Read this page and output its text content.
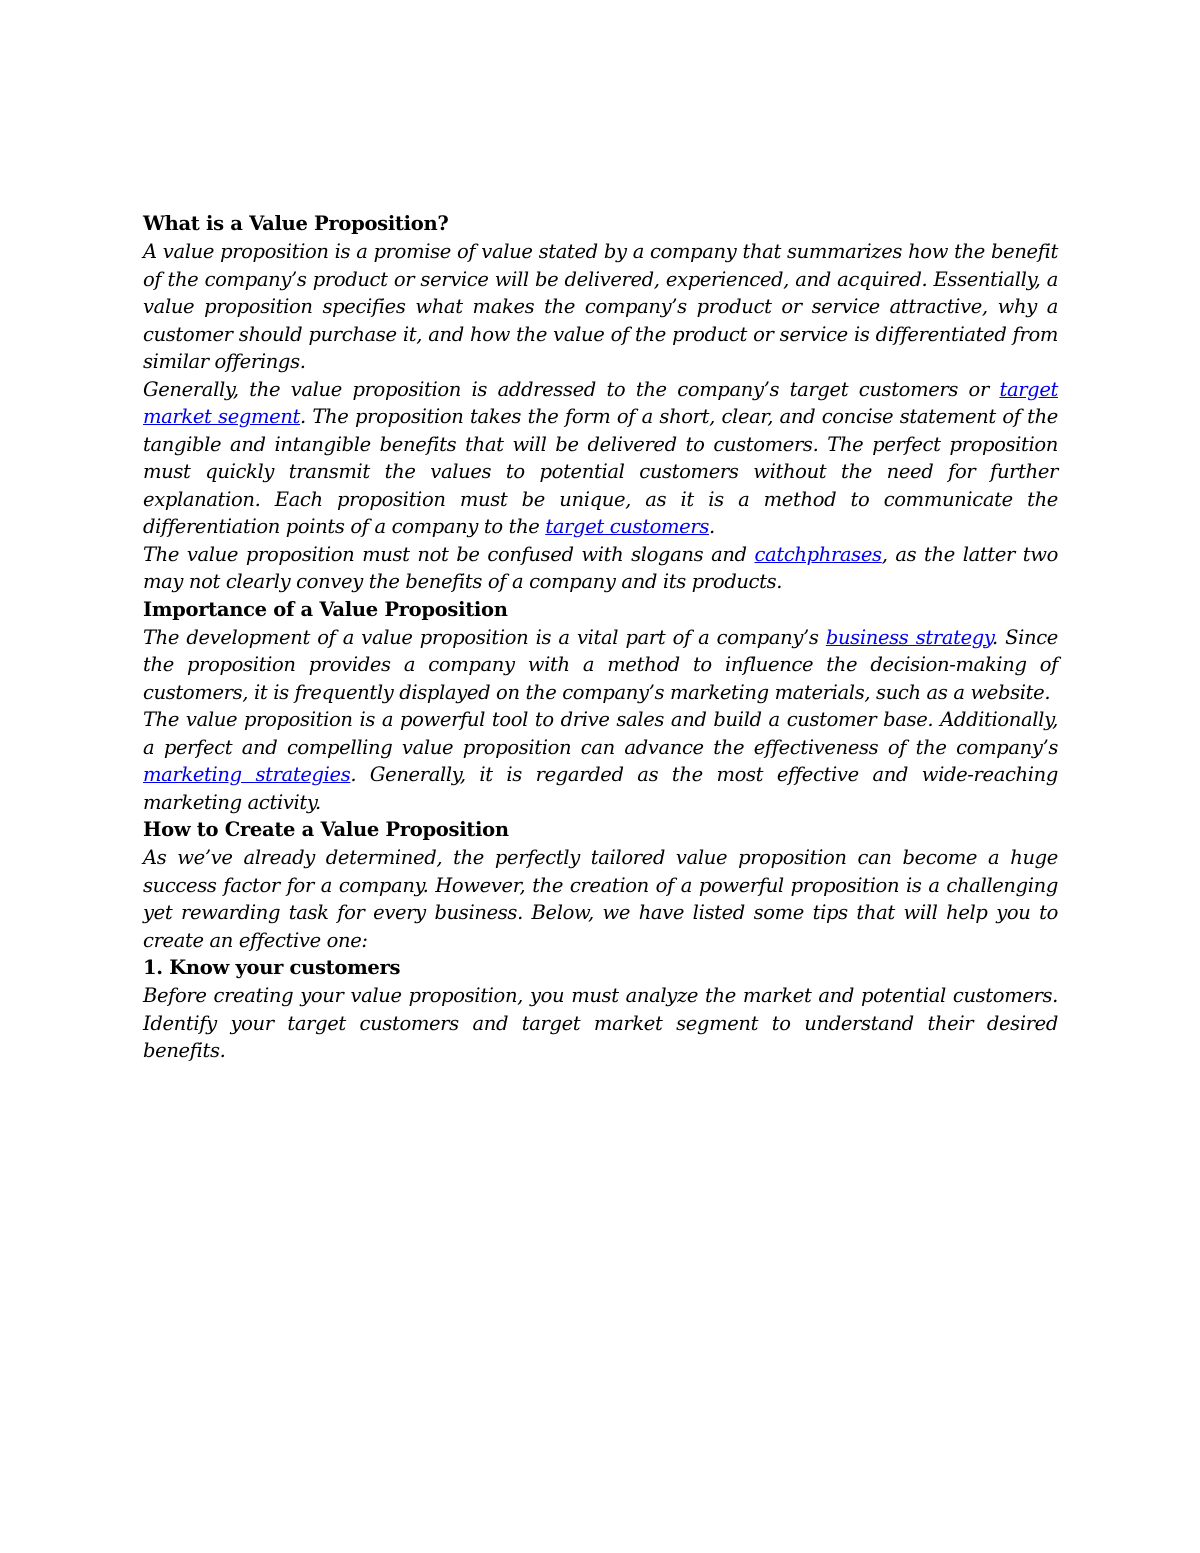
What is a Value Proposition?

A value proposition is a promise of value stated by a company that summarizes how the benefit of the company’s product or service will be delivered, experienced, and acquired. Essentially, a value proposition specifies what makes the company’s product or service attractive, why a customer should purchase it, and how the value of the product or service is differentiated from similar offerings.

Generally, the value proposition is addressed to the company’s target customers or target market segment. The proposition takes the form of a short, clear, and concise statement of the tangible and intangible benefits that will be delivered to customers. The perfect proposition must quickly transmit the values to potential customers without the need for further explanation. Each proposition must be unique, as it is a method to communicate the differentiation points of a company to the target customers.

The value proposition must not be confused with slogans and catchphrases, as the latter two may not clearly convey the benefits of a company and its products.

Importance of a Value Proposition

The development of a value proposition is a vital part of a company’s business strategy. Since the proposition provides a company with a method to influence the decision-making of customers, it is frequently displayed on the company’s marketing materials, such as a website.

The value proposition is a powerful tool to drive sales and build a customer base. Additionally, a perfect and compelling value proposition can advance the effectiveness of the company’s marketing strategies. Generally, it is regarded as the most effective and wide-reaching marketing activity.

How to Create a Value Proposition

As we’ve already determined, the perfectly tailored value proposition can become a huge success factor for a company. However, the creation of a powerful proposition is a challenging yet rewarding task for every business. Below, we have listed some tips that will help you to create an effective one:

1. Know your customers

Before creating your value proposition, you must analyze the market and potential customers. Identify your target customers and target market segment to understand their desired benefits.
